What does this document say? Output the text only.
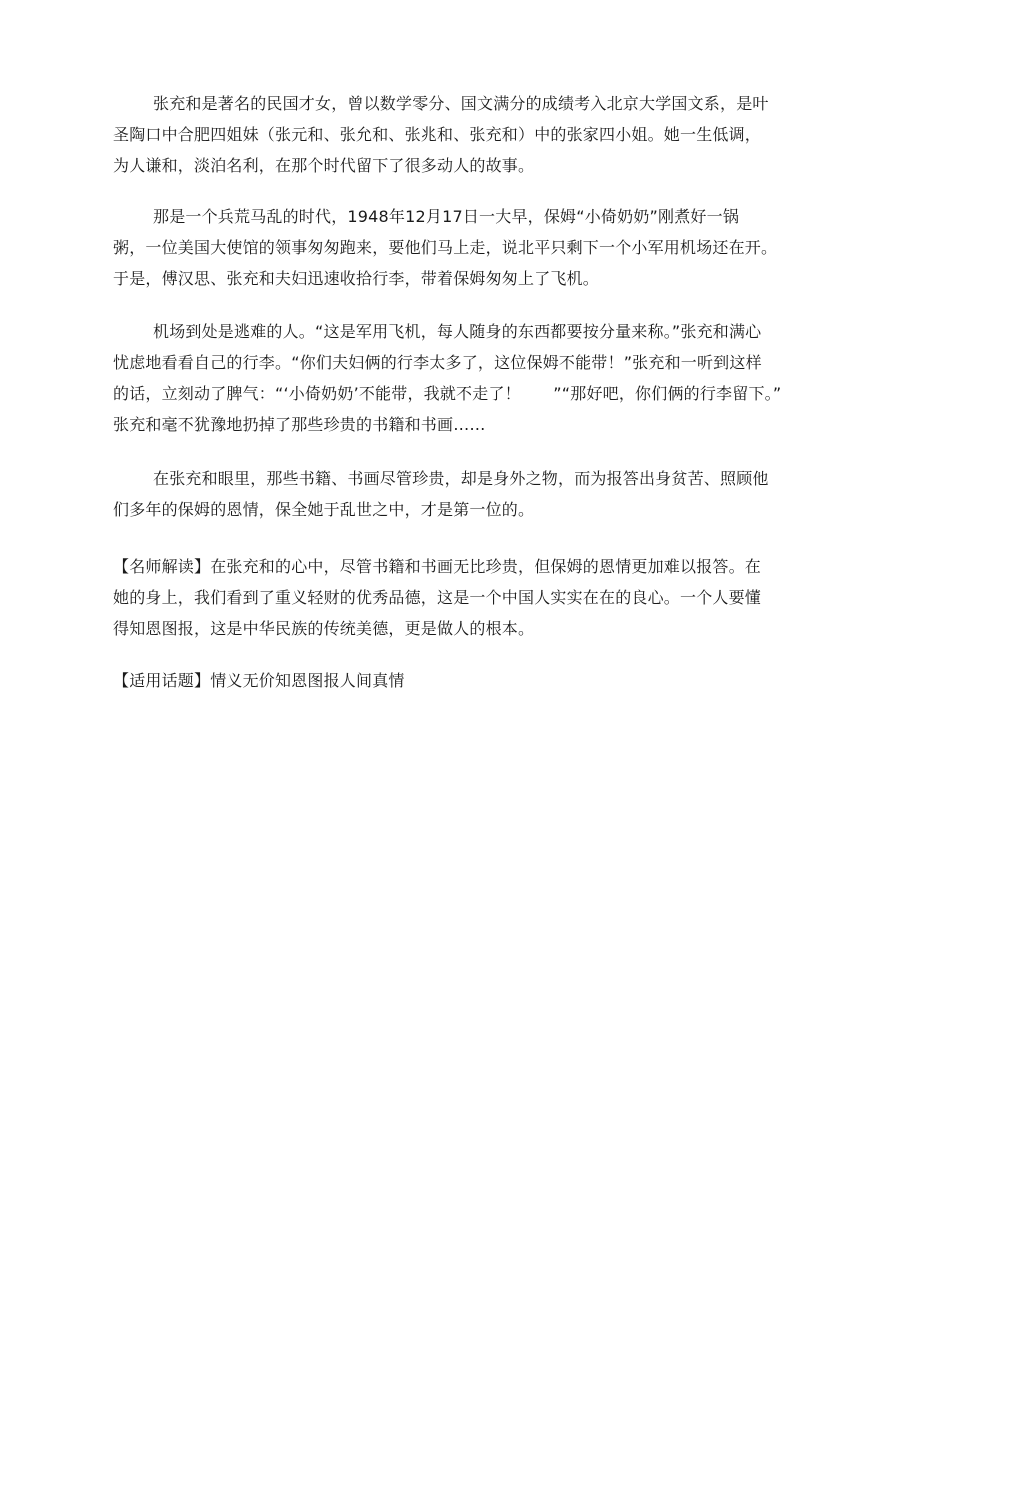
张充和是著名的民国才女，曾以数学零分、国文满分的成绩考入北京大学国文系，是叶
圣陶口中合肥四姐妹（张元和、张允和、张兆和、张充和）中的张家四小姐。她一生低调，
为人谦和，淡泊名利，在那个时代留下了很多动人的故事。

那是一个兵荒马乱的时代，1948年12月17日一大早，保姆“小倚奶奶”刚煮好一锅
粥，一位美国大使馆的领事匆匆跑来，要他们马上走，说北平只剩下一个小军用机场还在开。
于是，傅汉思、张充和夫妇迅速收拾行李，带着保姆匆匆上了飞机。

机场到处是逃难的人。“这是军用飞机，每人随身的东西都要按分量来称。”张充和满心
忧虑地看看自己的行李。“你们夫妇俩的行李太多了，这位保姆不能带！”张充和一听到这样
的话，立刻动了脾气：“‘小倚奶奶’不能带，我就不走了！　　”“那好吧，你们俩的行李留下。”
张充和毫不犹豫地扔掉了那些珍贵的书籍和书画……

在张充和眼里，那些书籍、书画尽管珍贵，却是身外之物，而为报答出身贫苦、照顾他
们多年的保姆的恩情，保全她于乱世之中，才是第一位的。

【名师解读】在张充和的心中，尽管书籍和书画无比珍贵，但保姆的恩情更加难以报答。在
她的身上，我们看到了重义轻财的优秀品德，这是一个中国人实实在在的良心。一个人要懂
得知恩图报，这是中华民族的传统美德，更是做人的根本。

【适用话题】情义无价知恩图报人间真情
